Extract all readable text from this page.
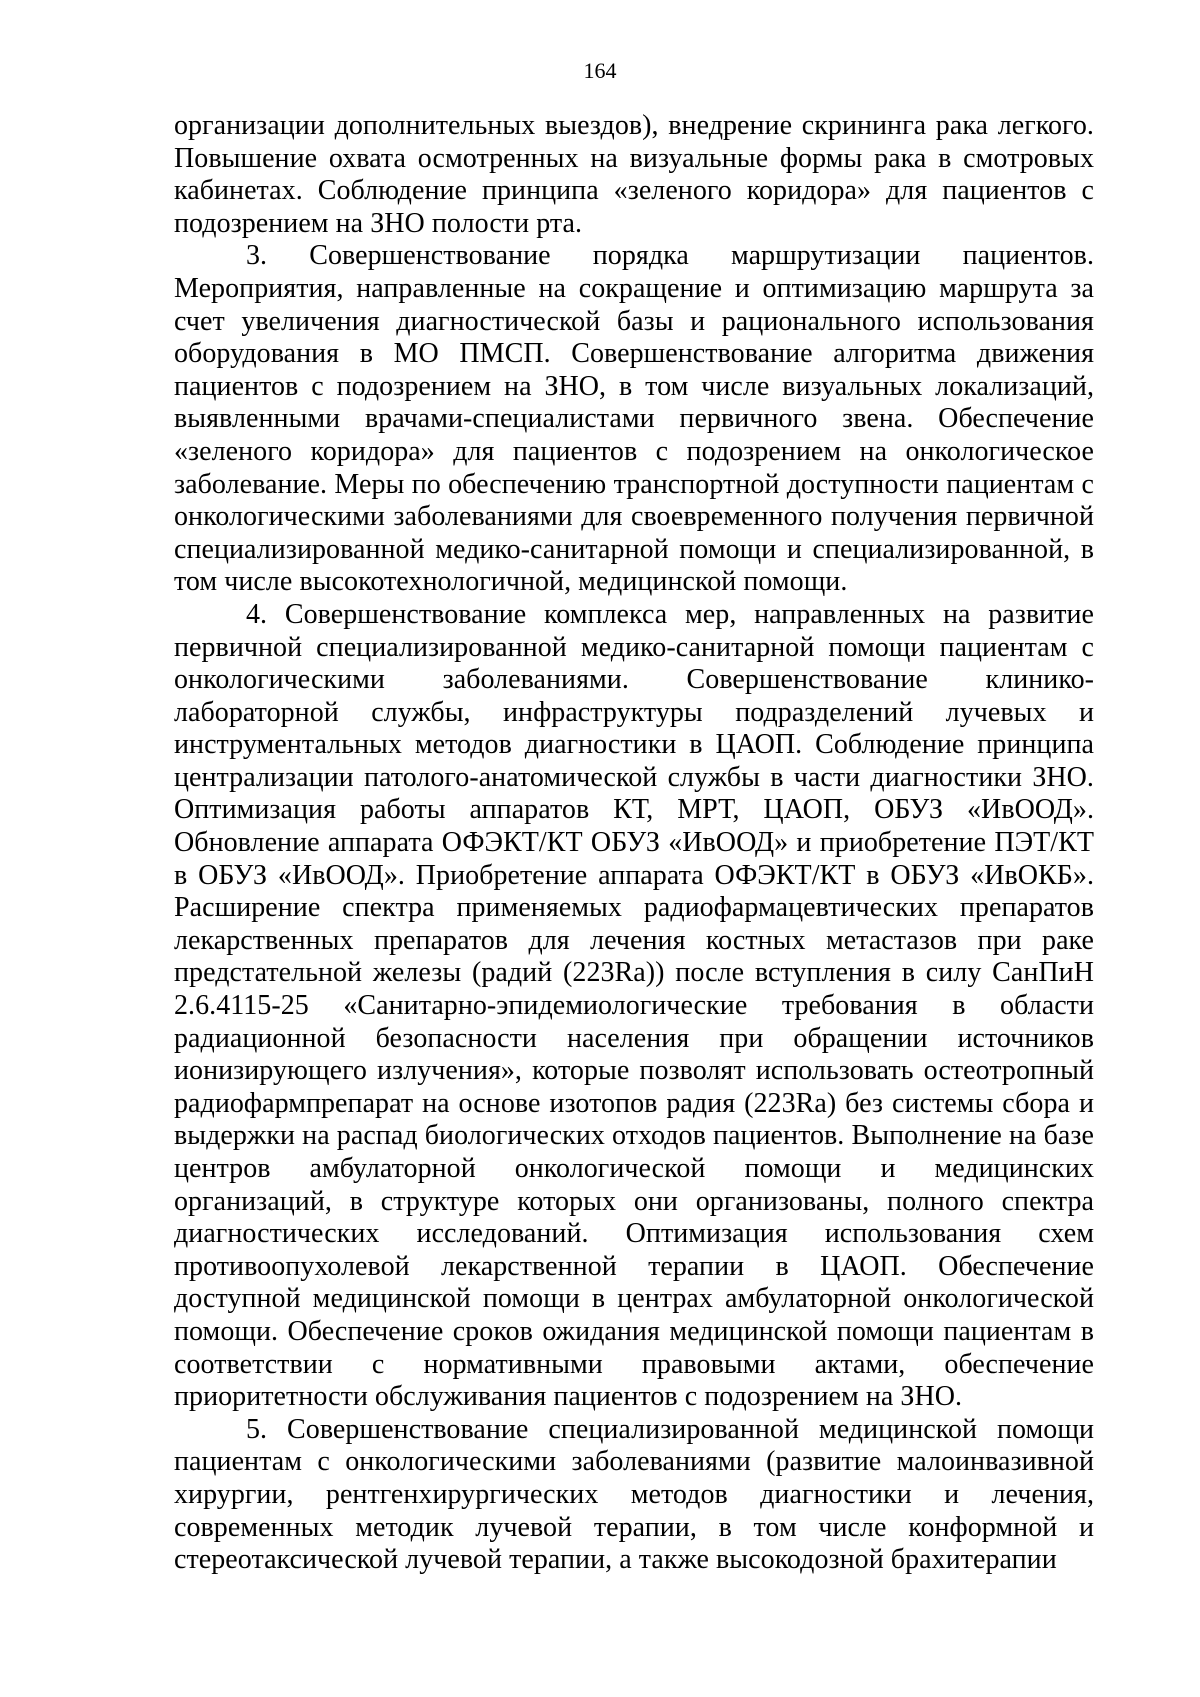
164

организации дополнительных выездов), внедрение скрининга рака легкого. Повышение охвата осмотренных на визуальные формы рака в смотровых кабинетах. Соблюдение принципа «зеленого коридора» для пациентов с подозрением на ЗНО полости рта.

3. Совершенствование порядка маршрутизации пациентов. Мероприятия, направленные на сокращение и оптимизацию маршрута за счет увеличения диагностической базы и рационального использования оборудования в МО ПМСП. Совершенствование алгоритма движения пациентов с подозрением на ЗНО, в том числе визуальных локализаций, выявленными врачами-специалистами первичного звена. Обеспечение «зеленого коридора» для пациентов с подозрением на онкологическое заболевание. Меры по обеспечению транспортной доступности пациентам с онкологическими заболеваниями для своевременного получения первичной специализированной медико-санитарной помощи и специализированной, в том числе высокотехнологичной, медицинской помощи.

4. Совершенствование комплекса мер, направленных на развитие первичной специализированной медико-санитарной помощи пациентам с онкологическими заболеваниями. Совершенствование клинико-лабораторной службы, инфраструктуры подразделений лучевых и инструментальных методов диагностики в ЦАОП. Соблюдение принципа централизации патолого-анатомической службы в части диагностики ЗНО. Оптимизация работы аппаратов КТ, МРТ, ЦАОП, ОБУЗ «ИвООД». Обновление аппарата ОФЭКТ/КТ ОБУЗ «ИвООД» и приобретение ПЭТ/КТ в ОБУЗ «ИвООД». Приобретение аппарата ОФЭКТ/КТ в ОБУЗ «ИвОКБ». Расширение спектра применяемых радиофармацевтических препаратов лекарственных препаратов для лечения костных метастазов при раке предстательной железы (радий (223Ra)) после вступления в силу СанПиН 2.6.4115-25 «Санитарно-эпидемиологические требования в области радиационной безопасности населения при обращении источников ионизирующего излучения», которые позволят использовать остеотропный радиофармпрепарат на основе изотопов радия (223Ra) без системы сбора и выдержки на распад биологических отходов пациентов. Выполнение на базе центров амбулаторной онкологической помощи и медицинских организаций, в структуре которых они организованы, полного спектра диагностических исследований. Оптимизация использования схем противоопухолевой лекарственной терапии в ЦАОП. Обеспечение доступной медицинской помощи в центрах амбулаторной онкологической помощи. Обеспечение сроков ожидания медицинской помощи пациентам в соответствии с нормативными правовыми актами, обеспечение приоритетности обслуживания пациентов с подозрением на ЗНО.

5. Совершенствование специализированной медицинской помощи пациентам с онкологическими заболеваниями (развитие малоинвазивной хирургии, рентгенхирургических методов диагностики и лечения, современных методик лучевой терапии, в том числе конформной и стереотаксической лучевой терапии, а также высокодозной брахитерапии
